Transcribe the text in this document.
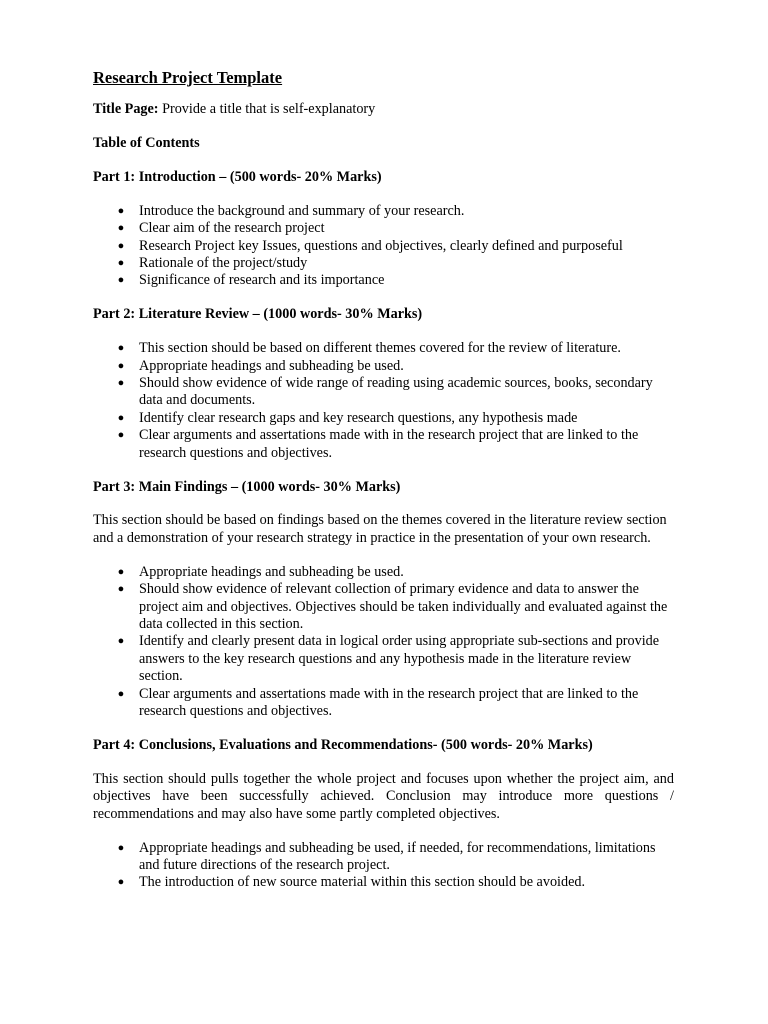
Research Project Template

Title Page: Provide a title that is self-explanatory

Table of Contents

Part 1: Introduction – (500 words- 20% Marks)

● Introduce the background and summary of your research.
● Clear aim of the research project
● Research Project key Issues, questions and objectives, clearly defined and purposeful
● Rationale of the project/study
● Significance of research and its importance

Part 2: Literature Review – (1000 words- 30% Marks)

● This section should be based on different themes covered for the review of literature.
● Appropriate headings and subheading be used.
● Should show evidence of wide range of reading using academic sources, books, secondary data and documents.
● Identify clear research gaps and key research questions, any hypothesis made
● Clear arguments and assertations made with in the research project that are linked to the research questions and objectives.

Part 3: Main Findings – (1000 words- 30% Marks)

This section should be based on findings based on the themes covered in the literature review section and a demonstration of your research strategy in practice in the presentation of your own research.

● Appropriate headings and subheading be used.
● Should show evidence of relevant collection of primary evidence and data to answer the project aim and objectives. Objectives should be taken individually and evaluated against the data collected in this section.
● Identify and clearly present data in logical order using appropriate sub-sections and provide answers to the key research questions and any hypothesis made in the literature review section.
● Clear arguments and assertations made with in the research project that are linked to the research questions and objectives.

Part 4: Conclusions, Evaluations and Recommendations- (500 words- 20% Marks)

This section should pulls together the whole project and focuses upon whether the project aim, and objectives have been successfully achieved. Conclusion may introduce more questions / recommendations and may also have some partly completed objectives.

● Appropriate headings and subheading be used, if needed, for recommendations, limitations and future directions of the research project.
● The introduction of new source material within this section should be avoided.
